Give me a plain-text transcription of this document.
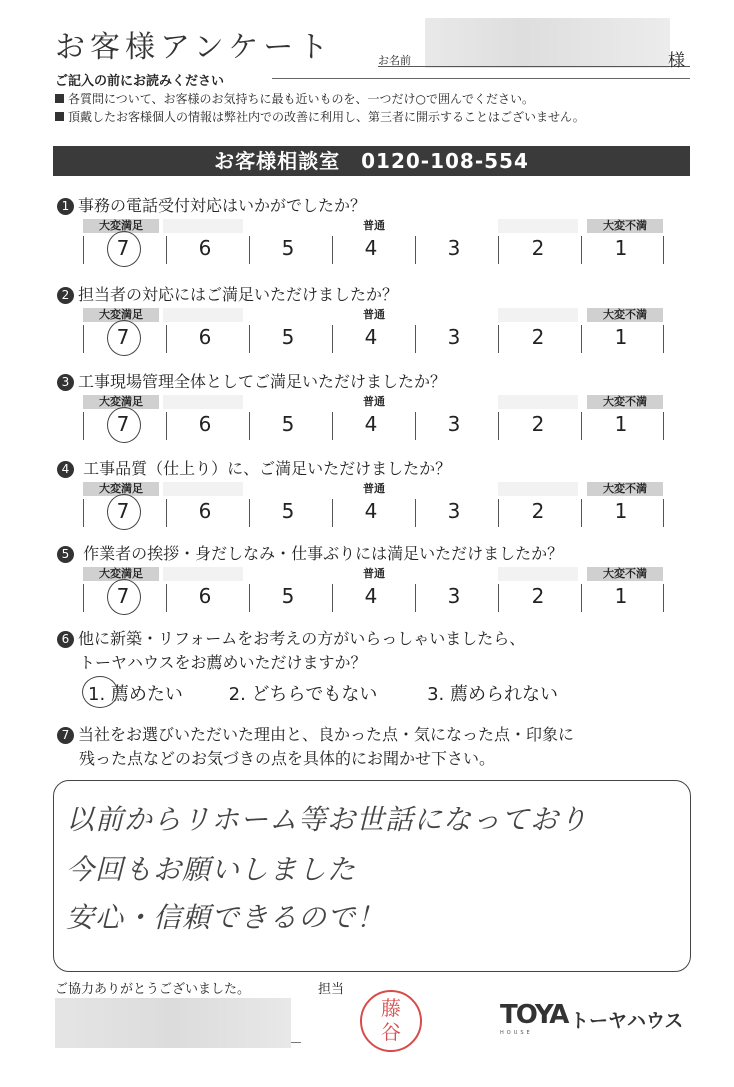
お客様アンケート	お名前	様
ご記入の前にお読みください
各質問について、お客様のお気持ちに最も近いものを、一つだけ○で囲んでください。
頂戴したお客様個人の情報は弊社内での改善に利用し、第三者に開示することはございません。
お客様相談室　0120-108-554
1 事務の電話受付対応はいかがでしたか？
大変満足	普通	大変不満
7	6	5	4	3	2	1
2 担当者の対応にはご満足いただけましたか？
大変満足	普通	大変不満
7	6	5	4	3	2	1
3 工事現場管理全体としてご満足いただけましたか？
大変満足	普通	大変不満
7	6	5	4	3	2	1
4 工事品質（仕上り）に、ご満足いただけましたか？
大変満足	普通	大変不満
7	6	5	4	3	2	1
5 作業者の挨拶・身だしなみ・仕事ぶりには満足いただけましたか？
大変満足	普通	大変不満
7	6	5	4	3	2	1
6 他に新築・リフォームをお考えの方がいらっしゃいましたら、
トーヤハウスをお薦めいただけますか？
1. 薦めたい	2. どちらでもない	3. 薦められない
7 当社をお選びいただいた理由と、良かった点・気になった点・印象に
残った点などのお気づきの点を具体的にお聞かせ下さい。
以前からリホーム等お世話になっており
今回もお願いしました
安心・信頼できるので！
ご協力ありがとうございました。	担当
藤
谷
TOYA
HOUSE
トーヤハウス
